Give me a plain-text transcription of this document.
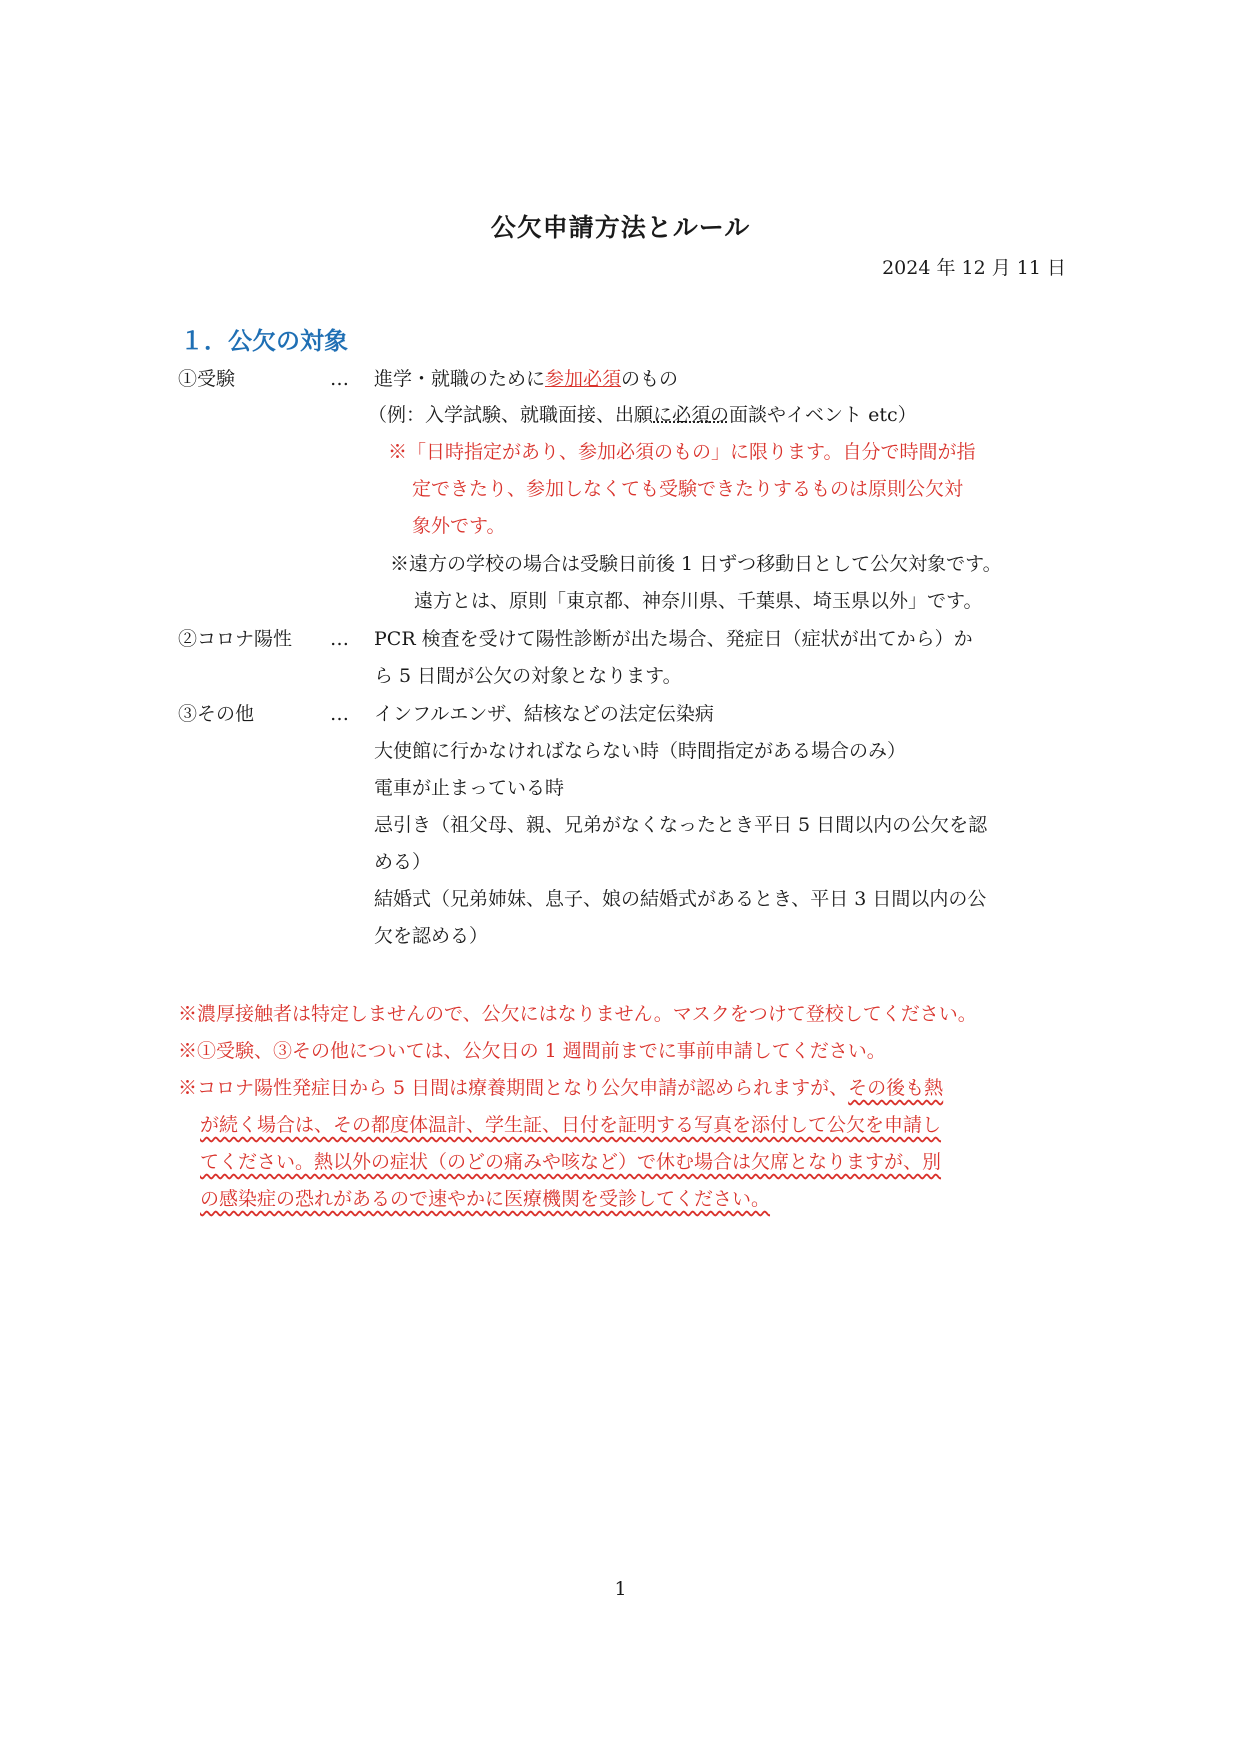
公欠申請方法とルール
2024 年 12 月 11 日
１．公欠の対象
①受験	… 進学・就職のために参加必須のもの
（例：入学試験、就職面接、出願に必須の面談やイベント etc）
※「日時指定があり、参加必須のもの」に限ります。自分で時間が指
定できたり、参加しなくても受験できたりするものは原則公欠対
象外です。
※遠方の学校の場合は受験日前後 1 日ずつ移動日として公欠対象です。
遠方とは、原則「東京都、神奈川県、千葉県、埼玉県以外」です。
②コロナ陽性 … PCR 検査を受けて陽性診断が出た場合、発症日（症状が出てから）か
ら 5 日間が公欠の対象となります。
③その他	… インフルエンザ、結核などの法定伝染病
大使館に行かなければならない時（時間指定がある場合のみ）
電車が止まっている時
忌引き（祖父母、親、兄弟がなくなったとき平日 5 日間以内の公欠を認
める）
結婚式（兄弟姉妹、息子、娘の結婚式があるとき、平日 3 日間以内の公
欠を認める）
※濃厚接触者は特定しませんので、公欠にはなりません。マスクをつけて登校してください。
※①受験、③その他については、公欠日の 1 週間前までに事前申請してください。
※コロナ陽性発症日から 5 日間は療養期間となり公欠申請が認められますが、その後も熱
が続く場合は、その都度体温計、学生証、日付を証明する写真を添付して公欠を申請し
てください。熱以外の症状（のどの痛みや咳など）で休む場合は欠席となりますが、別
の感染症の恐れがあるので速やかに医療機関を受診してください。
1
